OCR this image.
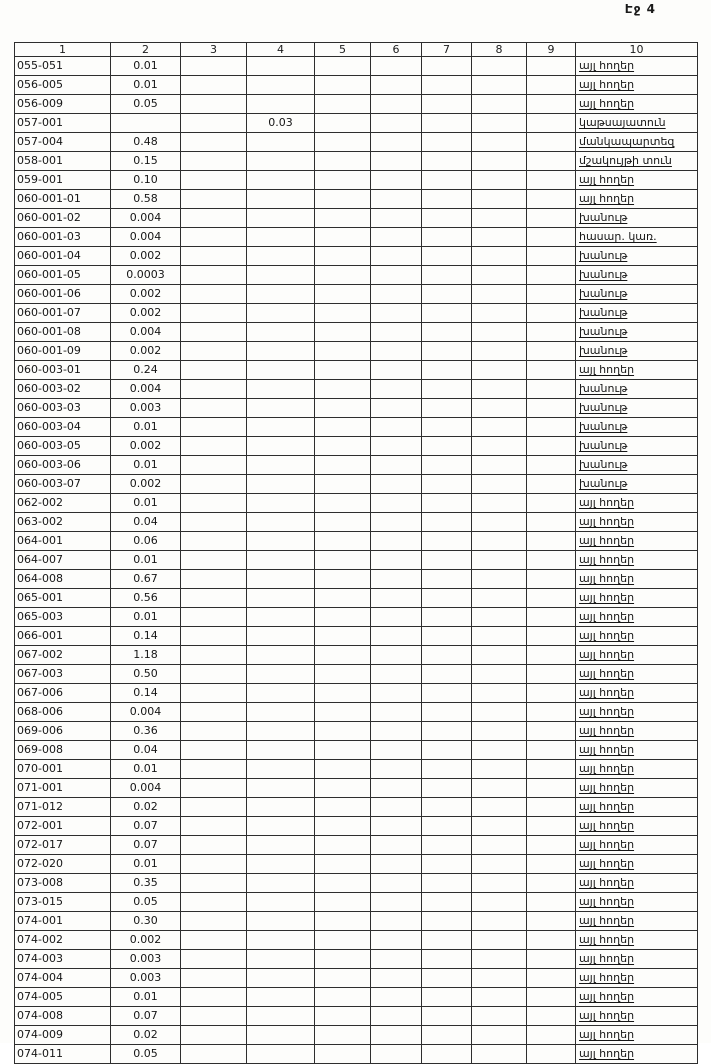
Էջ 4
1	2	3	4	5	6	7	8	9	10
055-051	0.01								այլ հողեր
056-005	0.01								այլ հողեր
056-009	0.05								այլ հողեր
057-001			0.03						կաթսայատուն
057-004	0.48								մանկապարտեզ
058-001	0.15								մշակույթի տուն
059-001	0.10								այլ հողեր
060-001-01	0.58								այլ հողեր
060-001-02	0.004								խանութ
060-001-03	0.004								հասար. կառ.
060-001-04	0.002								խանութ
060-001-05	0.0003								խանութ
060-001-06	0.002								խանութ
060-001-07	0.002								խանութ
060-001-08	0.004								խանութ
060-001-09	0.002								խանութ
060-003-01	0.24								այլ հողեր
060-003-02	0.004								խանութ
060-003-03	0.003								խանութ
060-003-04	0.01								խանութ
060-003-05	0.002								խանութ
060-003-06	0.01								խանութ
060-003-07	0.002								խանութ
062-002	0.01								այլ հողեր
063-002	0.04								այլ հողեր
064-001	0.06								այլ հողեր
064-007	0.01								այլ հողեր
064-008	0.67								այլ հողեր
065-001	0.56								այլ հողեր
065-003	0.01								այլ հողեր
066-001	0.14								այլ հողեր
067-002	1.18								այլ հողեր
067-003	0.50								այլ հողեր
067-006	0.14								այլ հողեր
068-006	0.004								այլ հողեր
069-006	0.36								այլ հողեր
069-008	0.04								այլ հողեր
070-001	0.01								այլ հողեր
071-001	0.004								այլ հողեր
071-012	0.02								այլ հողեր
072-001	0.07								այլ հողեր
072-017	0.07								այլ հողեր
072-020	0.01								այլ հողեր
073-008	0.35								այլ հողեր
073-015	0.05								այլ հողեր
074-001	0.30								այլ հողեր
074-002	0.002								այլ հողեր
074-003	0.003								այլ հողեր
074-004	0.003								այլ հողեր
074-005	0.01								այլ հողեր
074-008	0.07								այլ հողեր
074-009	0.02								այլ հողեր
074-011	0.05								այլ հողեր
